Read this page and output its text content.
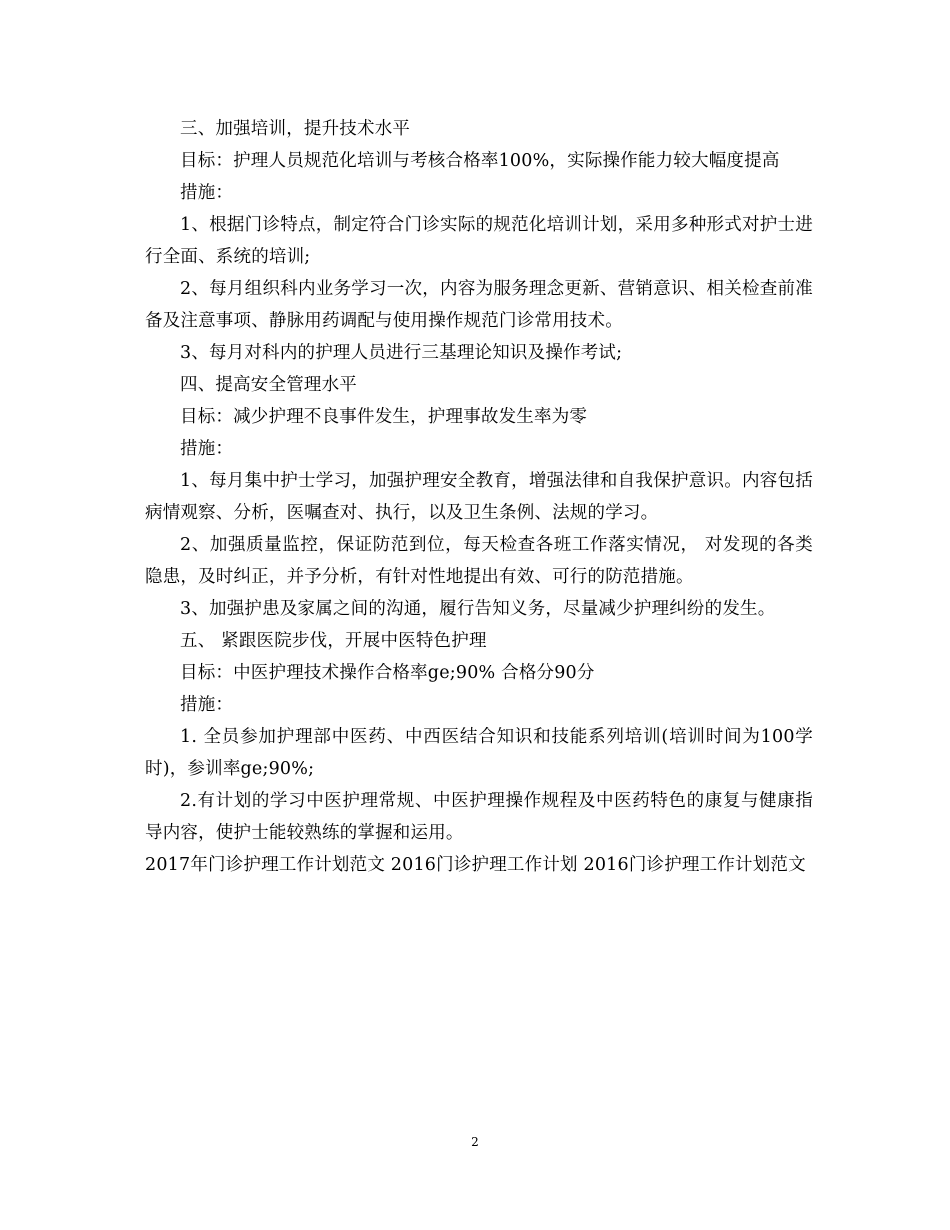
三、加强培训，提升技术水平

目标：护理人员规范化培训与考核合格率100%，实际操作能力较大幅度提高

措施：

1、根据门诊特点，制定符合门诊实际的规范化培训计划，采用多种形式对护士进行全面、系统的培训;

2、每月组织科内业务学习一次，内容为服务理念更新、营销意识、相关检查前准备及注意事项、静脉用药调配与使用操作规范门诊常用技术。

3、每月对科内的护理人员进行三基理论知识及操作考试;

四、提高安全管理水平

目标：减少护理不良事件发生，护理事故发生率为零

措施：

1、每月集中护士学习，加强护理安全教育，增强法律和自我保护意识。内容包括病情观察、分析，医嘱查对、执行，以及卫生条例、法规的学习。

2、加强质量监控，保证防范到位，每天检查各班工作落实情况， 对发现的各类隐患，及时纠正，并予分析，有针对性地提出有效、可行的防范措施。

3、加强护患及家属之间的沟通，履行告知义务，尽量减少护理纠纷的发生。

五、 紧跟医院步伐，开展中医特色护理

目标：中医护理技术操作合格率ge;90% 合格分90分

措施：

1. 全员参加护理部中医药、中西医结合知识和技能系列培训(培训时间为100学时)，参训率ge;90%;

2.有计划的学习中医护理常规、中医护理操作规程及中医药特色的康复与健康指导内容，使护士能较熟练的掌握和运用。

2017年门诊护理工作计划范文 2016门诊护理工作计划 2016门诊护理工作计划范文

2
